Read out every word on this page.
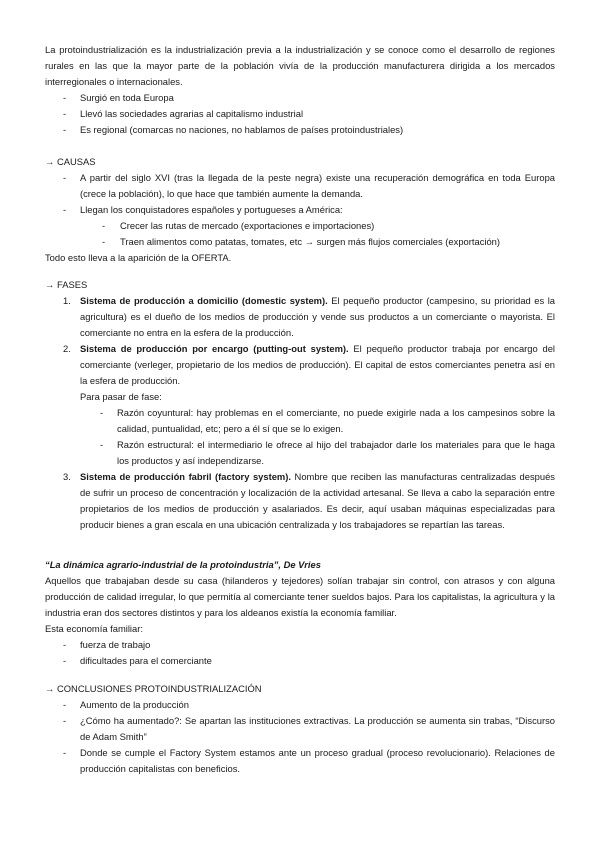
La protoindustrialización es la industrialización previa a la industrialización y se conoce como el desarrollo de regiones rurales en las que la mayor parte de la población vivía de la producción manufacturera dirigida a los mercados interregionales o internacionales.

- Surgió en toda Europa
- Llevó las sociedades agrarias al capitalismo industrial
- Es regional (comarcas no naciones, no hablamos de países protoindustriales)

→ CAUSAS

- A partir del siglo XVI (tras la llegada de la peste negra) existe una recuperación demográfica en toda Europa (crece la población), lo que hace que también aumente la demanda.
- Llegan los conquistadores españoles y portugueses a América:
- Crecer las rutas de mercado (exportaciones e importaciones)
- Traen alimentos como patatas, tomates, etc → surgen más flujos comerciales (exportación)

Todo esto lleva a la aparición de la OFERTA.

→ FASES

1. Sistema de producción a domicilio (domestic system). El pequeño productor (campesino, su prioridad es la agricultura) es el dueño de los medios de producción y vende sus productos a un comerciante o mayorista. El comerciante no entra en la esfera de la producción.
2. Sistema de producción por encargo (putting-out system). El pequeño productor trabaja por encargo del comerciante (verleger, propietario de los medios de producción). El capital de estos comerciantes penetra así en la esfera de producción.

Para pasar de fase:

- Razón coyuntural: hay problemas en el comerciante, no puede exigirle nada a los campesinos sobre la calidad, puntualidad, etc; pero a él sí que se lo exigen.
- Razón estructural: el intermediario le ofrece al hijo del trabajador darle los materiales para que le haga los productos y así independizarse.
3. Sistema de producción fabril (factory system). Nombre que reciben las manufacturas centralizadas después de sufrir un proceso de concentración y localización de la actividad artesanal. Se lleva a cabo la separación entre propietarios de los medios de producción y asalariados. Es decir, aquí usaban máquinas especializadas para producir bienes a gran escala en una ubicación centralizada y los trabajadores se repartían las tareas.

“La dinámica agrario-industrial de la protoindustria”, De Vries

Aquellos que trabajaban desde su casa (hilanderos y tejedores) solían trabajar sin control, con atrasos y con alguna producción de calidad irregular, lo que permitía al comerciante tener sueldos bajos. Para los capitalistas, la agricultura y la industria eran dos sectores distintos y para los aldeanos existía la economía familiar.

Esta economía familiar:

- fuerza de trabajo
- dificultades para el comerciante

→ CONCLUSIONES PROTOINDUSTRIALIZACIÓN

- Aumento de la producción
- ¿Cómo ha aumentado?: Se apartan las instituciones extractivas. La producción se aumenta sin trabas, “Discurso de Adam Smith”
- Donde se cumple el Factory System estamos ante un proceso gradual (proceso revolucionario). Relaciones de producción capitalistas con beneficios.
